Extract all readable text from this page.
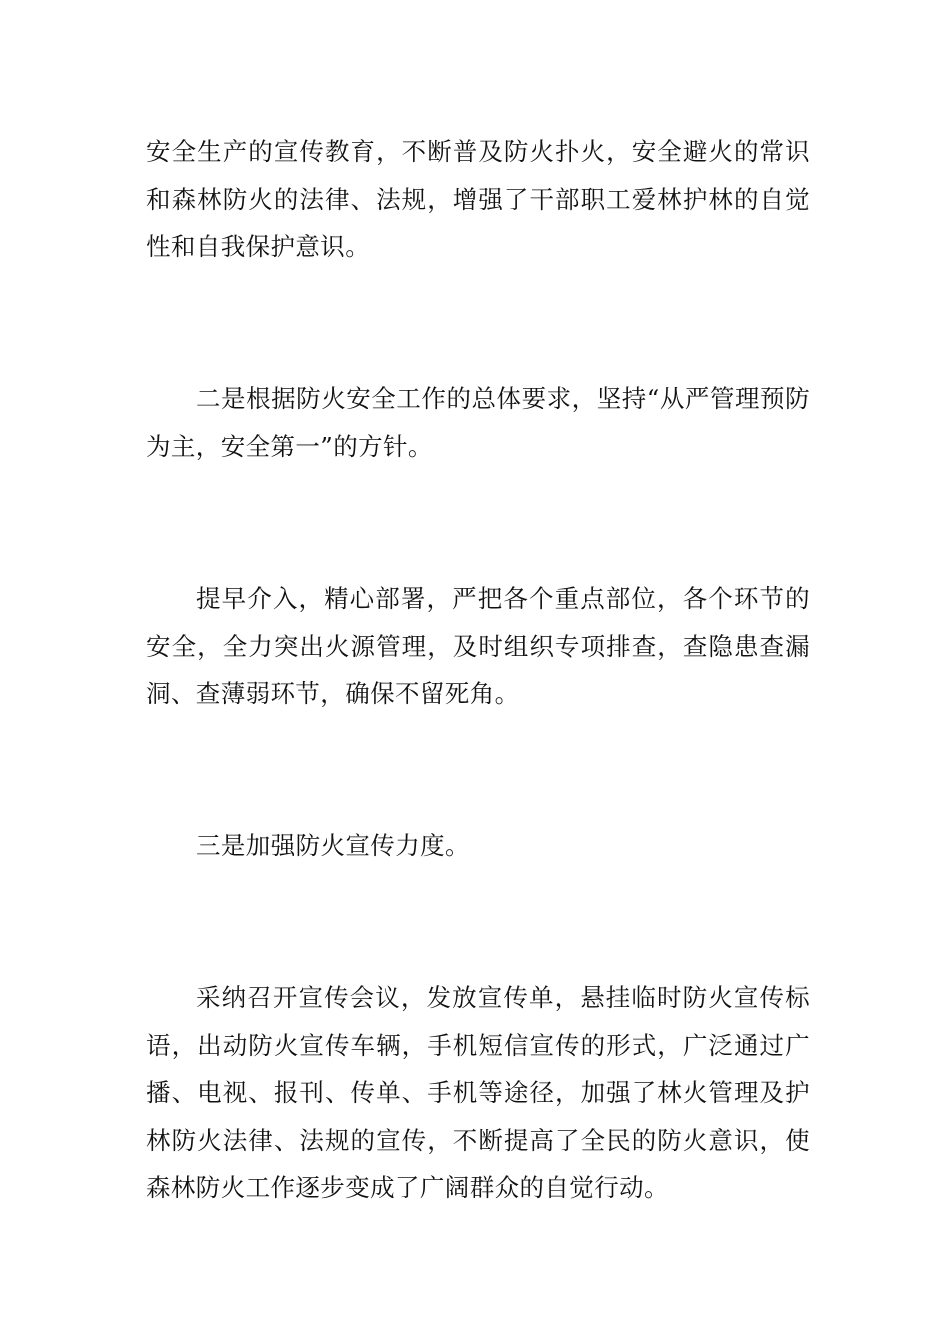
安全生产的宣传教育，不断普及防火扑火，安全避火的常识和森林防火的法律、法规，增强了干部职工爱林护林的自觉性和自我保护意识。

二是根据防火安全工作的总体要求，坚持“从严管理预防为主，安全第一”的方针。

提早介入，精心部署，严把各个重点部位，各个环节的安全，全力突出火源管理，及时组织专项排查，查隐患查漏洞、查薄弱环节，确保不留死角。

三是加强防火宣传力度。

采纳召开宣传会议，发放宣传单，悬挂临时防火宣传标语，出动防火宣传车辆，手机短信宣传的形式，广泛通过广播、电视、报刊、传单、手机等途径，加强了林火管理及护林防火法律、法规的宣传，不断提高了全民的防火意识，使森林防火工作逐步变成了广阔群众的自觉行动。
